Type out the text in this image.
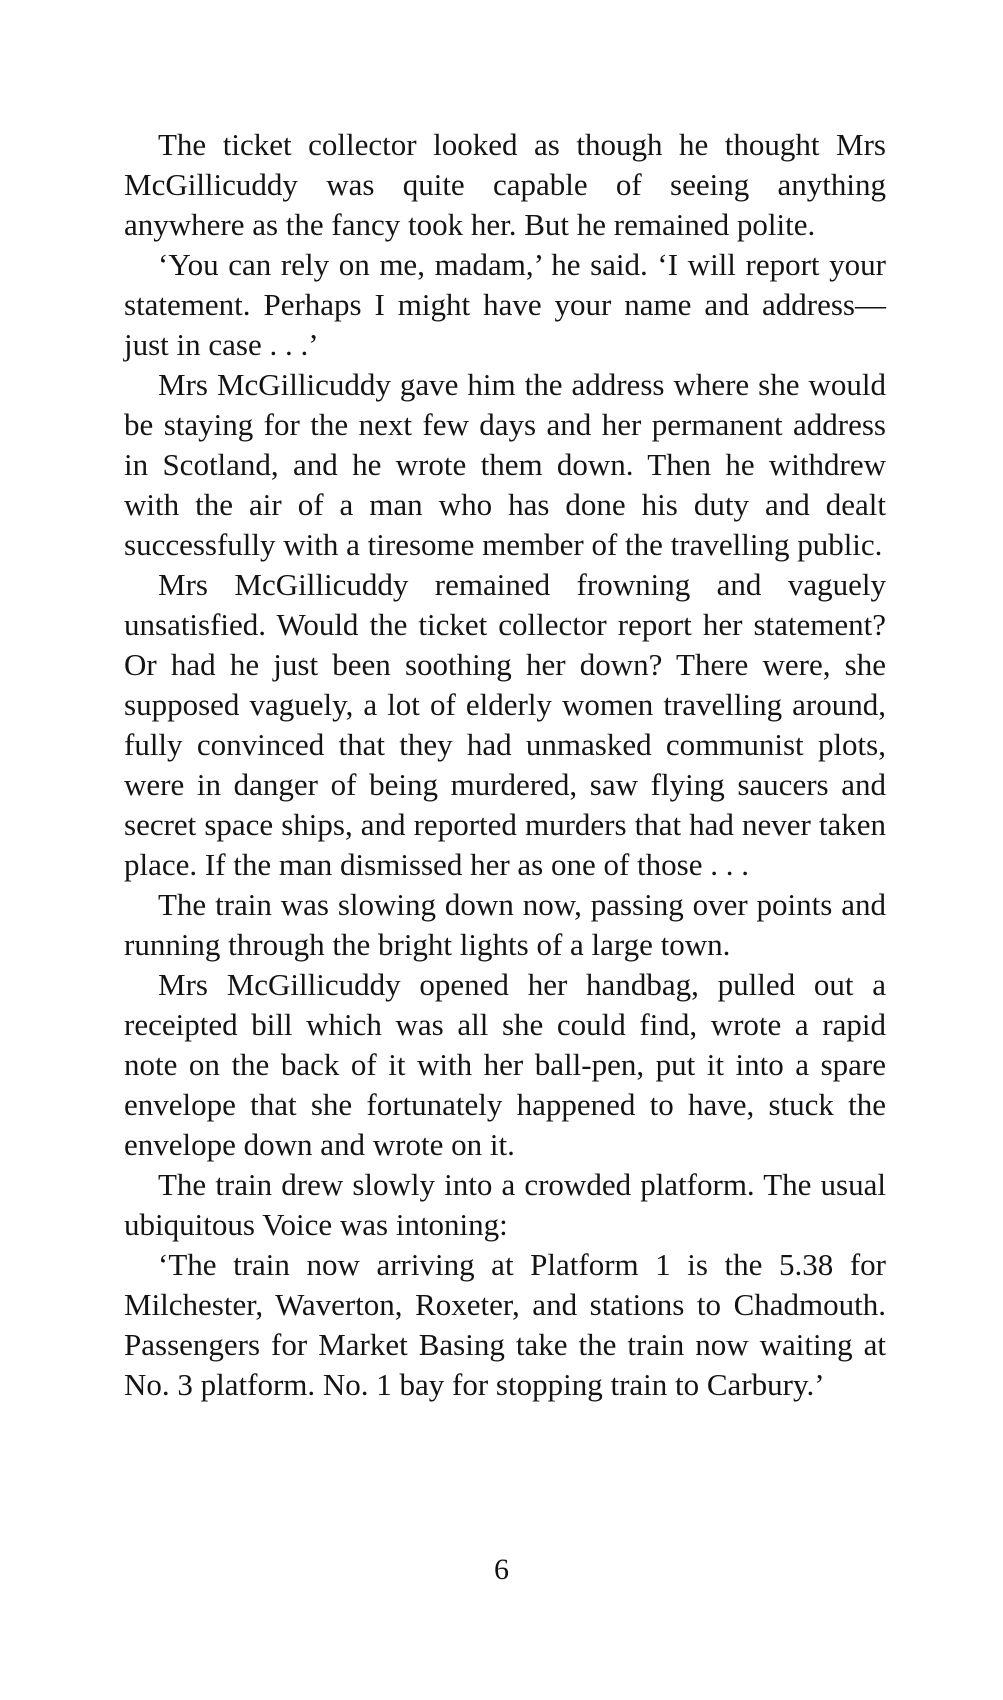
The ticket collector looked as though he thought Mrs McGillicuddy was quite capable of seeing anything anywhere as the fancy took her. But he remained polite.

‘You can rely on me, madam,’ he said. ‘I will report your statement. Perhaps I might have your name and address—just in case . . .’

Mrs McGillicuddy gave him the address where she would be staying for the next few days and her permanent address in Scotland, and he wrote them down. Then he withdrew with the air of a man who has done his duty and dealt successfully with a tiresome member of the travelling public.

Mrs McGillicuddy remained frowning and vaguely unsatisfied. Would the ticket collector report her statement? Or had he just been soothing her down? There were, she supposed vaguely, a lot of elderly women travelling around, fully convinced that they had unmasked communist plots, were in danger of being murdered, saw flying saucers and secret space ships, and reported murders that had never taken place. If the man dismissed her as one of those . . .

The train was slowing down now, passing over points and running through the bright lights of a large town.

Mrs McGillicuddy opened her handbag, pulled out a receipted bill which was all she could find, wrote a rapid note on the back of it with her ball-pen, put it into a spare envelope that she fortunately happened to have, stuck the envelope down and wrote on it.

The train drew slowly into a crowded platform. The usual ubiquitous Voice was intoning:

‘The train now arriving at Platform 1 is the 5.38 for Milchester, Waverton, Roxeter, and stations to Chadmouth. Passengers for Market Basing take the train now waiting at No. 3 platform. No. 1 bay for stopping train to Carbury.’

6
